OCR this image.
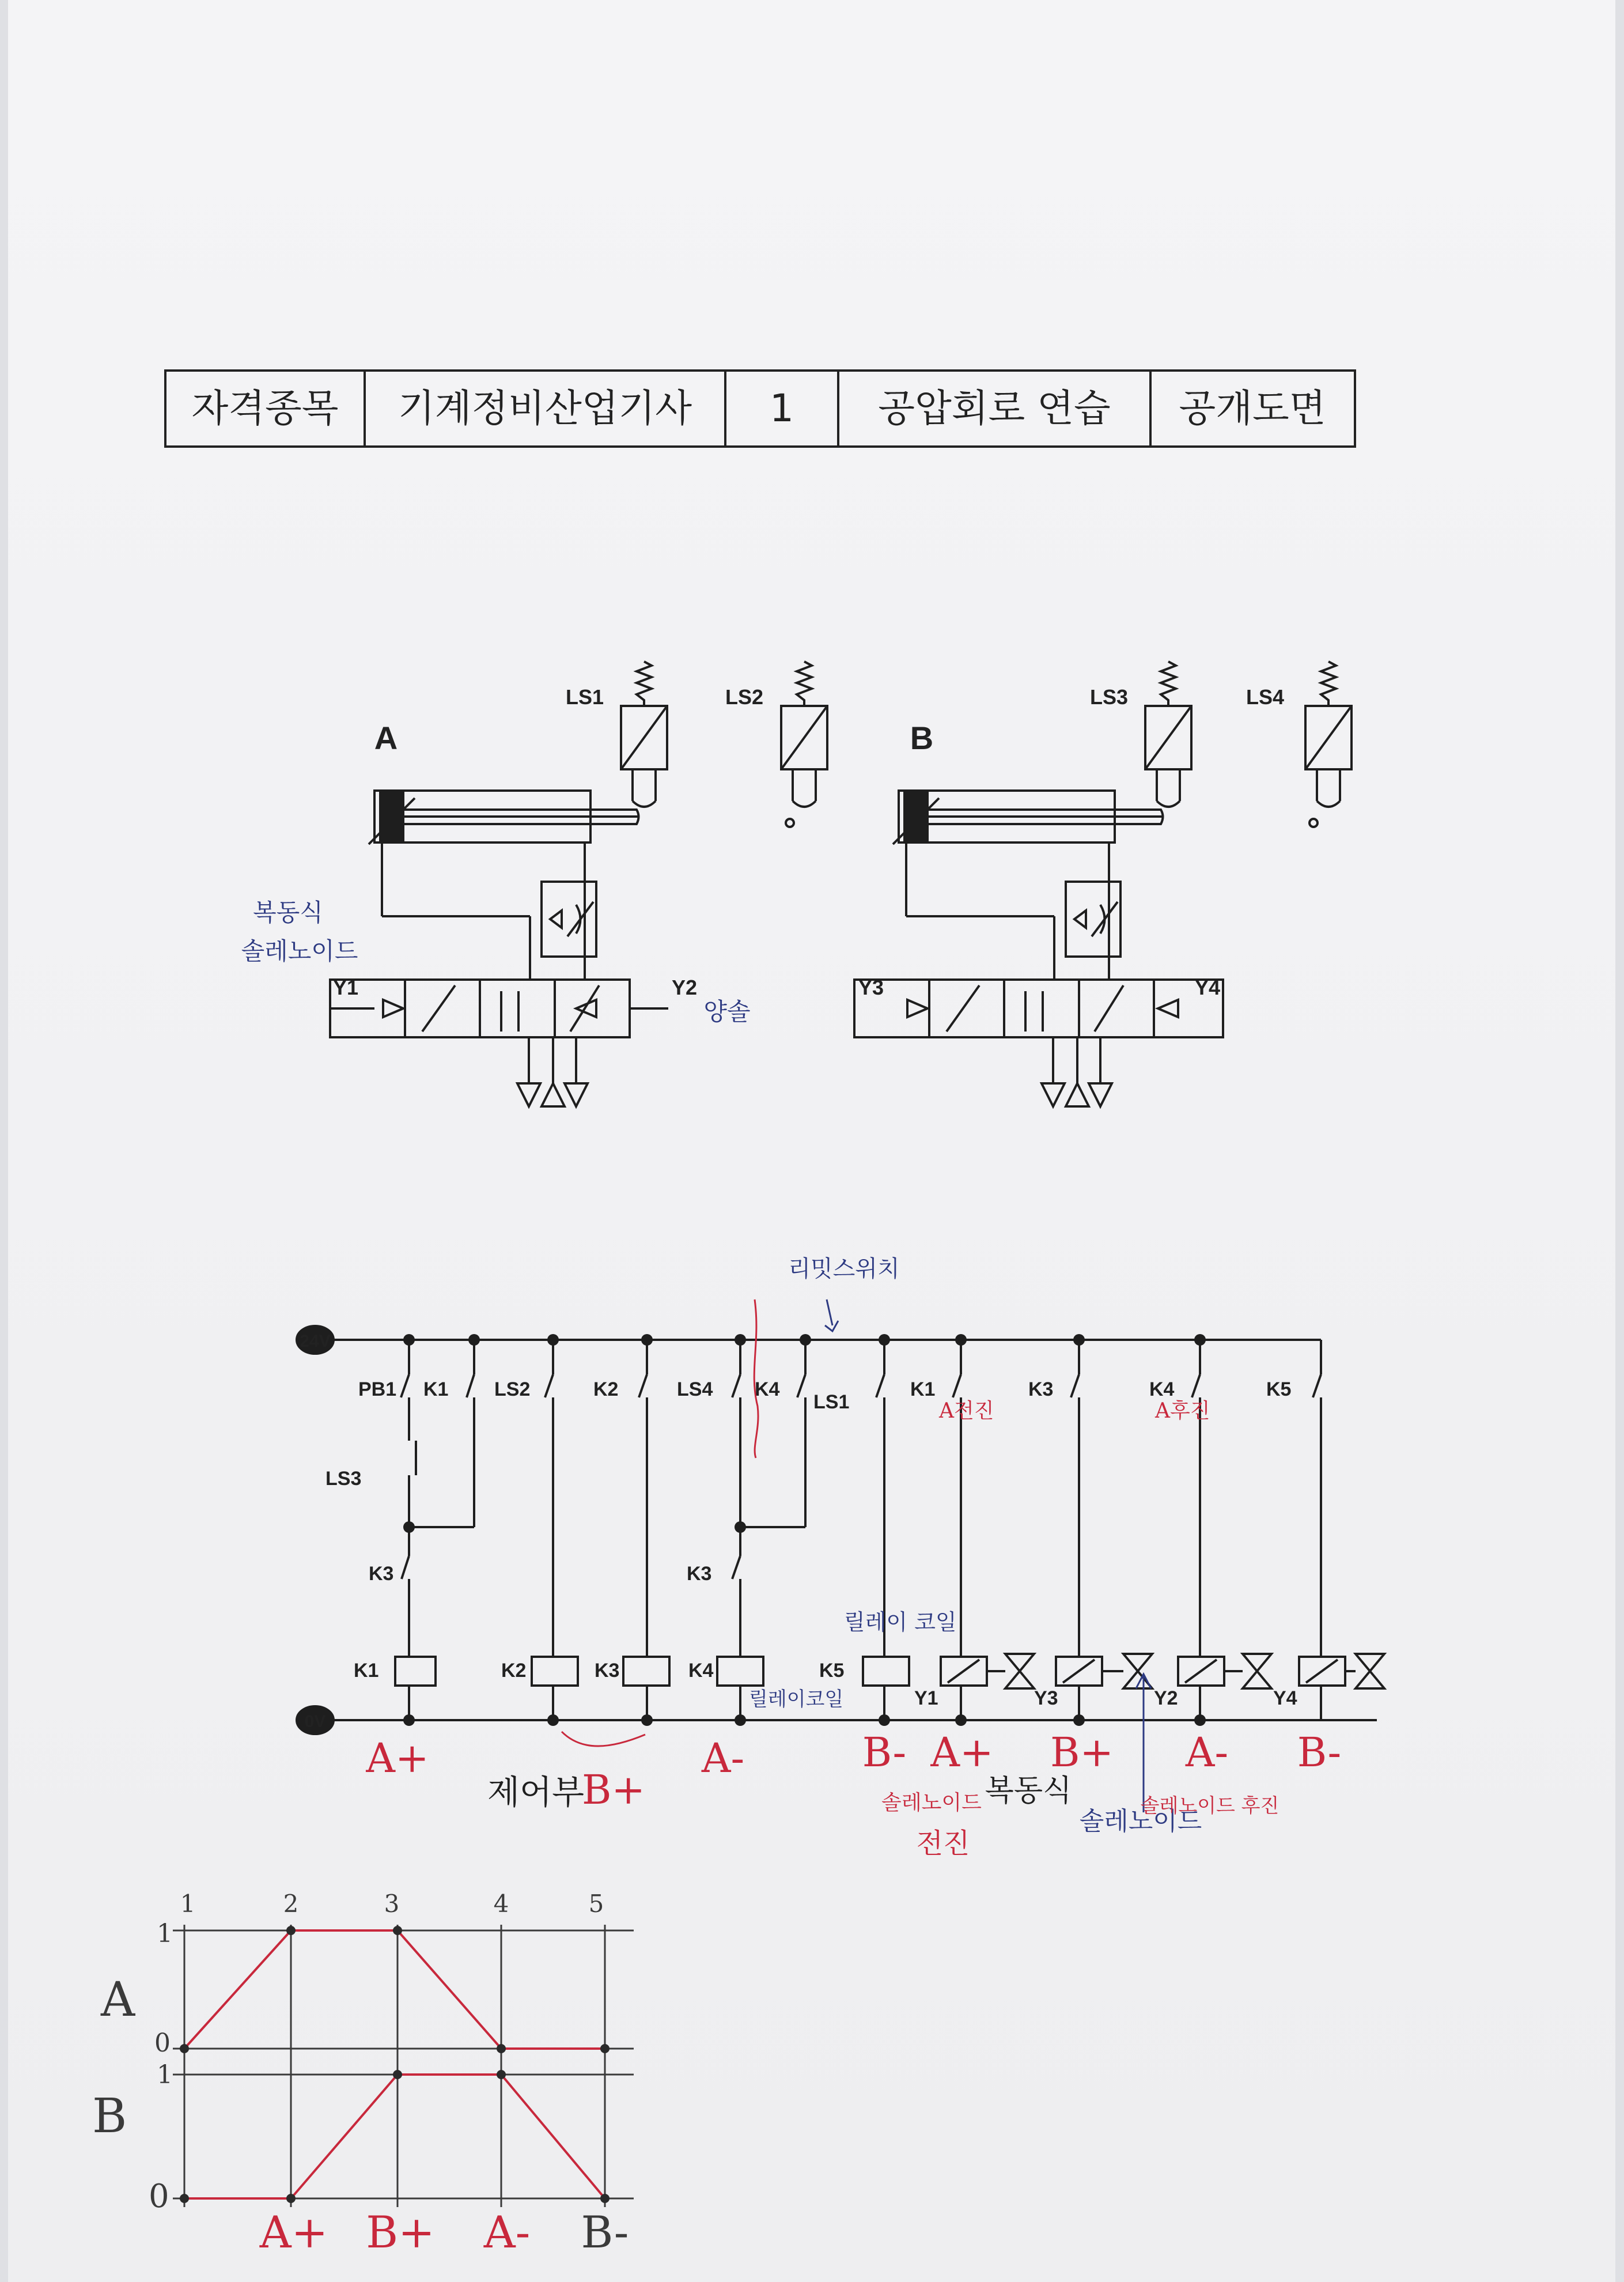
자격종목 기계정비산업기사 1 공압회로 연습 공개도면
A
LS1	LS2
Y1	Y2
복동식
솔레노이드
양솔
B
LS3	LS4
Y3	Y4
24V
0V
PB1 K1 LS2	K2	LS4 K4
LS1
K1	K3	K4	K5
LS3
K3	K3
K1	K2	K3	K4	K5
Y1	Y3	Y2	Y4
리밋스위치
A전진	A후진
릴레이 코일
릴레이코일
A+
B+
A-	B- A+ B+ A- B-
제어부	솔레노이드
전진
복동식
솔레노이드
솔레노이드 후진
1	2	3	4	5
A
B
1
0
1
0
A+ B+ A- B-
